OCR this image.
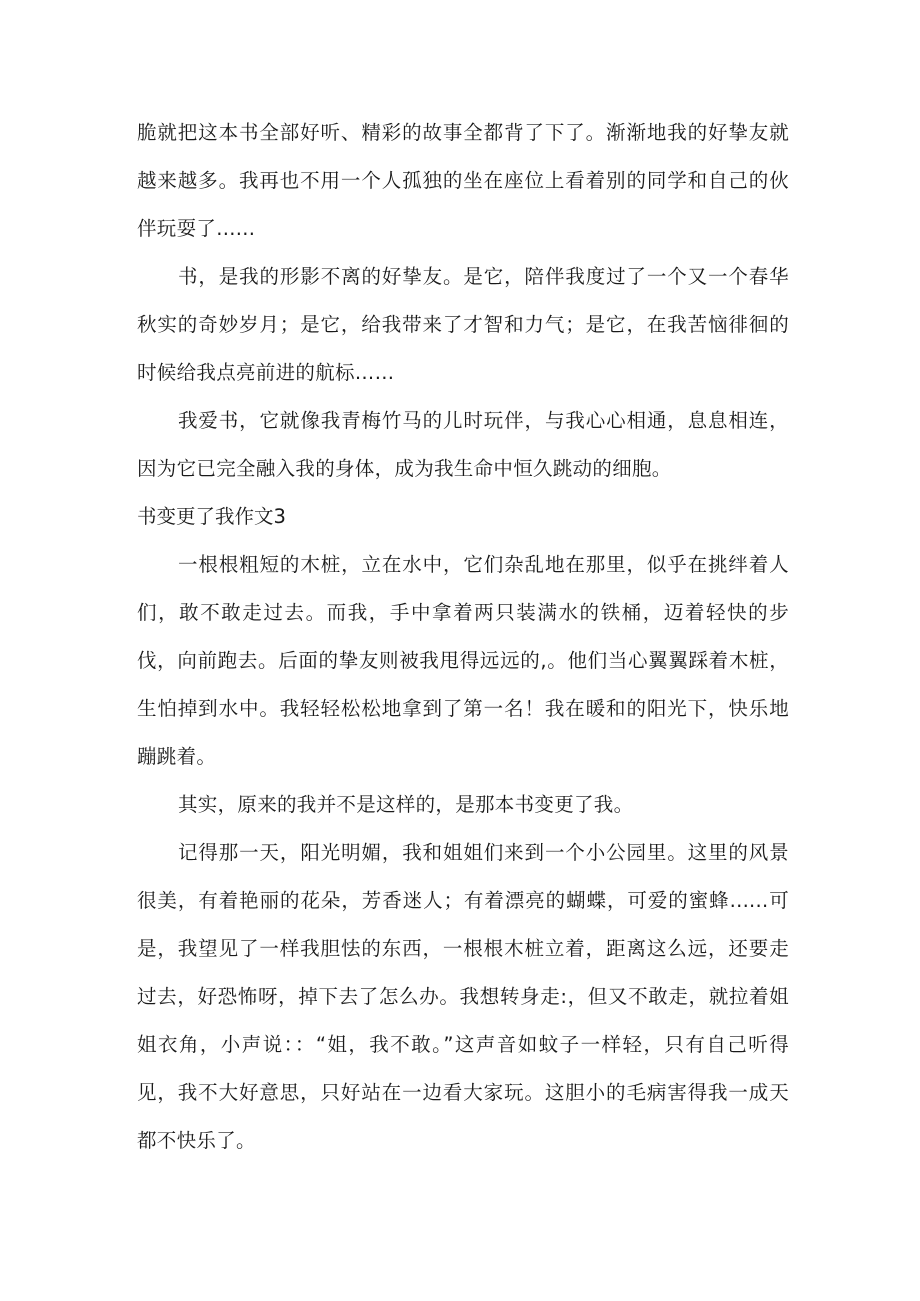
脆就把这本书全部好听、精彩的故事全都背了下了。渐渐地我的好挚友就越来越多。我再也不用一个人孤独的坐在座位上看着别的同学和自己的伙伴玩耍了......

书，是我的形影不离的好挚友。是它，陪伴我度过了一个又一个春华秋实的奇妙岁月；是它，给我带来了才智和力气；是它，在我苦恼徘徊的时候给我点亮前进的航标……

我爱书，它就像我青梅竹马的儿时玩伴，与我心心相通，息息相连，因为它已完全融入我的身体，成为我生命中恒久跳动的细胞。

书变更了我作文3

一根根粗短的木桩，立在水中，它们杂乱地在那里，似乎在挑绊着人们，敢不敢走过去。而我，手中拿着两只装满水的铁桶，迈着轻快的步伐，向前跑去。后面的挚友则被我甩得远远的,。他们当心翼翼踩着木桩，生怕掉到水中。我轻轻松松地拿到了第一名！我在暖和的阳光下，快乐地蹦跳着。

其实，原来的我并不是这样的，是那本书变更了我。

记得那一天，阳光明媚，我和姐姐们来到一个小公园里。这里的风景很美，有着艳丽的花朵，芳香迷人；有着漂亮的蝴蝶，可爱的蜜蜂......可是，我望见了一样我胆怯的东西，一根根木桩立着，距离这么远，还要走过去，好恐怖呀，掉下去了怎么办。我想转身走:，但又不敢走，就拉着姐姐衣角，小声说：：“姐，我不敢。”这声音如蚊子一样轻，只有自己听得见，我不大好意思，只好站在一边看大家玩。这胆小的毛病害得我一成天都不快乐了。
